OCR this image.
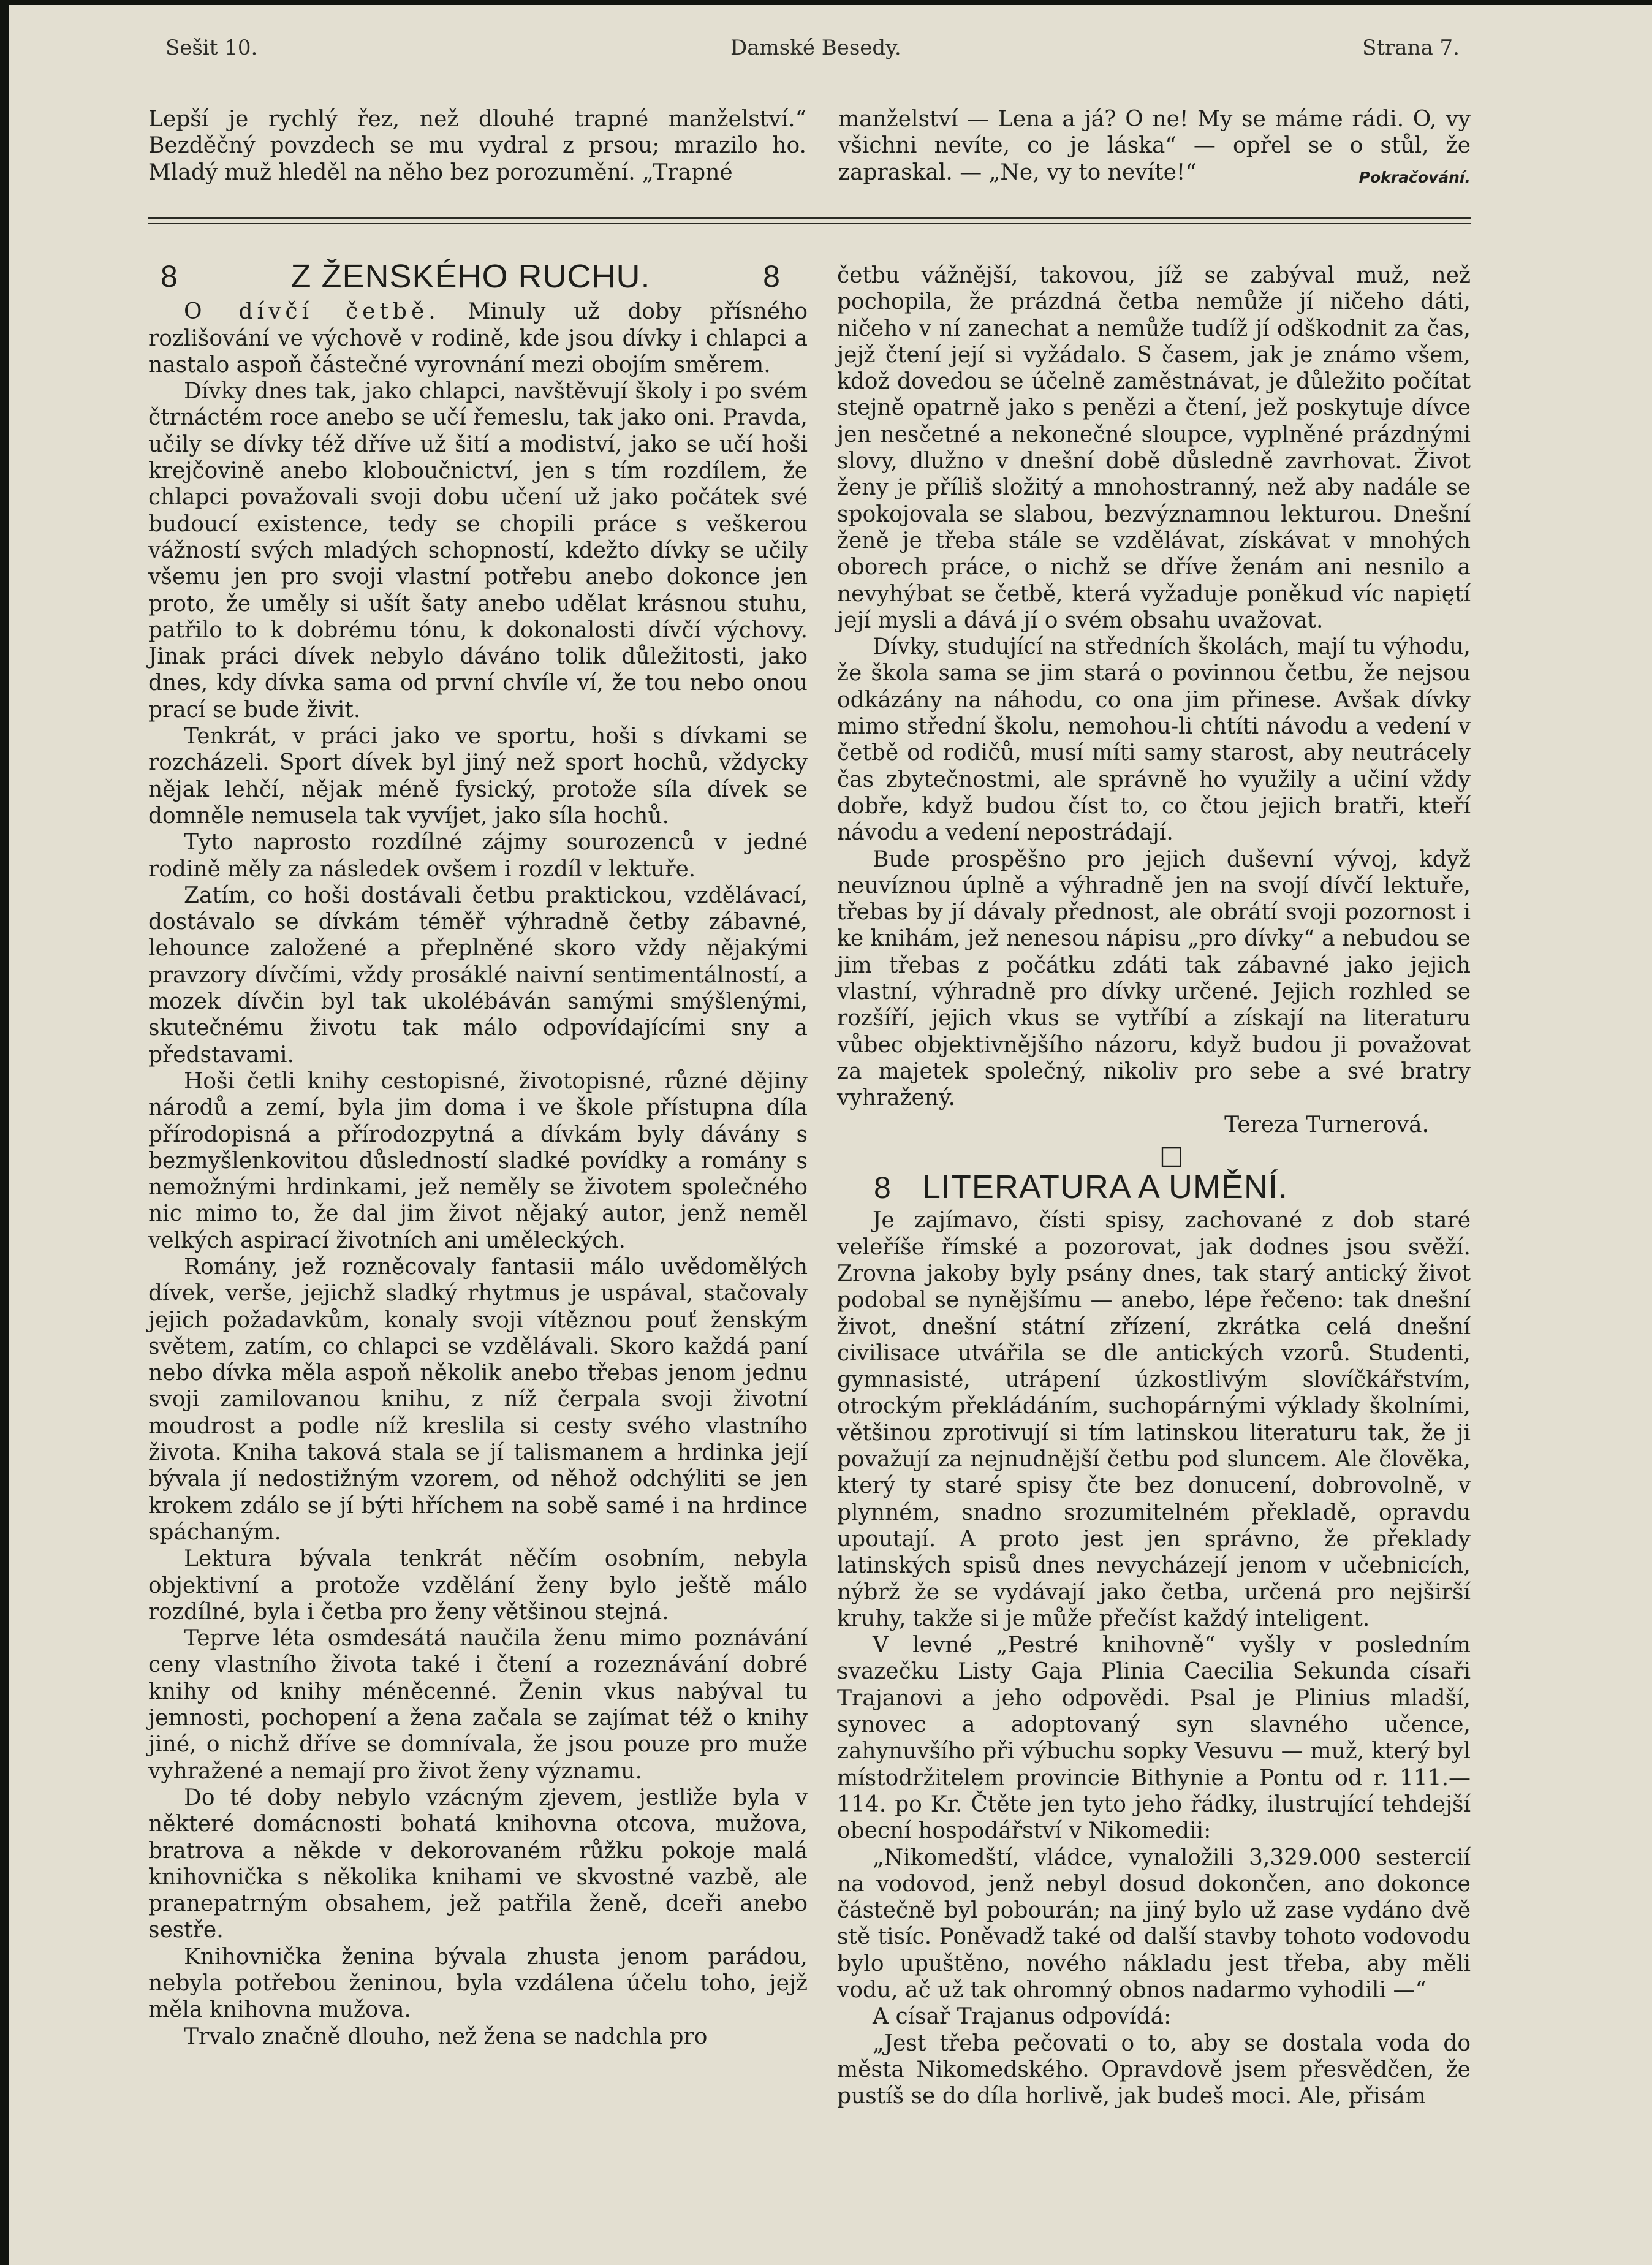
Sešit 10.	Damské Besedy.	Strana 7.

Lepší je rychlý řez, než dlouhé trapné manželství.“ Bezděčný povzdech se mu vydral z prsou; mrazilo ho. Mladý muž hleděl na něho bez porozumění. „Trapné

manželství — Lena a já? O ne! My se máme rádi. O, vy všichni nevíte, co je láska“ — opřel se o stůl, že zapraskal. — „Ne, vy to nevíte!“	Pokračování.

8	Z ŽENSKÉHO RUCHU.	8

O dívčí četbě. Minuly už doby přísného rozlišování ve výchově v rodině, kde jsou dívky i chlapci a nastalo aspoň částečné vyrovnání mezi obojím směrem.

Dívky dnes tak, jako chlapci, navštěvují školy i po svém čtrnáctém roce anebo se učí řemeslu, tak jako oni. Pravda, učily se dívky též dříve už šití a modiství, jako se učí hoši krejčovině anebo kloboučnictví, jen s tím rozdílem, že chlapci považovali svoji dobu učení už jako počátek své budoucí existence, tedy se chopili práce s veškerou vážností svých mladých schopností, kdežto dívky se učily všemu jen pro svoji vlastní potřebu anebo dokonce jen proto, že uměly si ušít šaty anebo udělat krásnou stuhu, patřilo to k dobrému tónu, k dokonalosti dívčí výchovy. Jinak práci dívek nebylo dáváno tolik důležitosti, jako dnes, kdy dívka sama od první chvíle ví, že tou nebo onou prací se bude živit.

Tenkrát, v práci jako ve sportu, hoši s dívkami se rozcházeli. Sport dívek byl jiný než sport hochů, vždycky nějak lehčí, nějak méně fysický, protože síla dívek se domněle nemusela tak vyvíjet, jako síla hochů.

Tyto naprosto rozdílné zájmy sourozenců v jedné rodině měly za následek ovšem i rozdíl v lektuře.

Zatím, co hoši dostávali četbu praktickou, vzdělávací, dostávalo se dívkám téměř výhradně četby zábavné, lehounce založené a přeplněné skoro vždy nějakými pravzory dívčími, vždy prosáklé naivní sentimentálností, a mozek dívčin byl tak ukolébáván samými smýšlenými, skutečnému životu tak málo odpovídajícími sny a představami.

Hoši četli knihy cestopisné, životopisné, různé dějiny národů a zemí, byla jim doma i ve škole přístupna díla přírodopisná a přírodozpytná a dívkám byly dávány s bezmyšlenkovitou důsledností sladké povídky a romány s nemožnými hrdinkami, jež neměly se životem společného nic mimo to, že dal jim život nějaký autor, jenž neměl velkých aspirací životních ani uměleckých.

Romány, jež rozněcovaly fantasii málo uvědomělých dívek, verše, jejichž sladký rhytmus je uspával, stačovaly jejich požadavkům, konaly svoji vítěznou pouť ženským světem, zatím, co chlapci se vzdělávali. Skoro každá paní nebo dívka měla aspoň několik anebo třebas jenom jednu svoji zamilovanou knihu, z níž čerpala svoji životní moudrost a podle níž kreslila si cesty svého vlastního života. Kniha taková stala se jí talismanem a hrdinka její bývala jí nedostižným vzorem, od něhož odchýliti se jen krokem zdálo se jí býti hříchem na sobě samé i na hrdince spáchaným.

Lektura bývala tenkrát něčím osobním, nebyla objektivní a protože vzdělání ženy bylo ještě málo rozdílné, byla i četba pro ženy většinou stejná.

Teprve léta osmdesátá naučila ženu mimo poznávání ceny vlastního života také i čtení a rozeznávání dobré knihy od knihy méněcenné. Ženin vkus nabýval tu jemnosti, pochopení a žena začala se zajímat též o knihy jiné, o nichž dříve se domnívala, že jsou pouze pro muže vyhražené a nemají pro život ženy významu.

Do té doby nebylo vzácným zjevem, jestliže byla v některé domácnosti bohatá knihovna otcova, mužova, bratrova a někde v dekorovaném růžku pokoje malá knihovnička s několika knihami ve skvostné vazbě, ale pranepatrným obsahem, jež patřila ženě, dceři anebo sestře.

Knihovnička ženina bývala zhusta jenom parádou, nebyla potřebou ženinou, byla vzdálena účelu toho, jejž měla knihovna mužova.

Trvalo značně dlouho, než žena se nadchla pro

četbu vážnější, takovou, jíž se zabýval muž, než pochopila, že prázdná četba nemůže jí ničeho dáti, ničeho v ní zanechat a nemůže tudíž jí odškodnit za čas, jejž čtení její si vyžádalo. S časem, jak je známo všem, kdož dovedou se účelně zaměstnávat, je důležito počítat stejně opatrně jako s penězi a čtení, jež poskytuje dívce jen nesčetné a nekonečné sloupce, vyplněné prázdnými slovy, dlužno v dnešní době důsledně zavrhovat. Život ženy je příliš složitý a mnohostranný, než aby nadále se spokojovala se slabou, bezvýznamnou lekturou. Dnešní ženě je třeba stále se vzdělávat, získávat v mnohých oborech práce, o nichž se dříve ženám ani nesnilo a nevyhýbat se četbě, která vyžaduje poněkud víc napiętí její mysli a dává jí o svém obsahu uvažovat.

Dívky, studující na středních školách, mají tu výhodu, že škola sama se jim stará o povinnou četbu, že nejsou odkázány na náhodu, co ona jim přinese. Avšak dívky mimo střední školu, nemohou-li chtíti návodu a vedení v četbě od rodičů, musí míti samy starost, aby neutrácely čas zbytečnostmi, ale správně ho využily a učiní vždy dobře, když budou číst to, co čtou jejich bratři, kteří návodu a vedení nepostrádají.

Bude prospěšno pro jejich duševní vývoj, když neuvíznou úplně a výhradně jen na svojí dívčí lektuře, třebas by jí dávaly přednost, ale obrátí svoji pozornost i ke knihám, jež nenesou nápisu „pro dívky“ a nebudou se jim třebas z počátku zdáti tak zábavné jako jejich vlastní, výhradně pro dívky určené. Jejich rozhled se rozšíří, jejich vkus se vytříbí a získají na literaturu vůbec objektivnějšího názoru, když budou ji považovat za majetek společný, nikoliv pro sebe a své bratry vyhražený.

Tereza Turnerová.

□

8 LITERATURA A UMĚNÍ.

Je zajímavo, čísti spisy, zachované z dob staré veleříše římské a pozorovat, jak dodnes jsou svěží. Zrovna jakoby byly psány dnes, tak starý antický život podobal se nynějšímu — anebo, lépe řečeno: tak dnešní život, dnešní státní zřízení, zkrátka celá dnešní civilisace utvářila se dle antických vzorů. Studenti, gymnasisté, utrápení úzkostlivým slovíčkářstvím, otrockým překládáním, suchopárnými výklady školními, většinou zprotivují si tím latinskou literaturu tak, že ji považují za nejnudnější četbu pod sluncem. Ale člověka, který ty staré spisy čte bez donucení, dobrovolně, v plynném, snadno srozumitelném překladě, opravdu upoutají. A proto jest jen správno, že překlady latinských spisů dnes nevycházejí jenom v učebnicích, nýbrž že se vydávají jako četba, určená pro nejširší kruhy, takže si je může přečíst každý inteligent.

V levné „Pestré knihovně“ vyšly v posledním svazečku Listy Gaja Plinia Caecilia Sekunda císaři Trajanovi a jeho odpovědi. Psal je Plinius mladší, synovec a adoptovaný syn slavného učence, zahynuvšího při výbuchu sopky Vesuvu — muž, který byl místodržitelem provincie Bithynie a Pontu od r. 111.—114. po Kr. Čtěte jen tyto jeho řádky, ilustrující tehdejší obecní hospodářství v Nikomedii:

„Nikomedští, vládce, vynaložili 3,329.000 sestercií na vodovod, jenž nebyl dosud dokončen, ano dokonce částečně byl pobourán; na jiný bylo už zase vydáno dvě stě tisíc. Poněvadž také od další stavby tohoto vodovodu bylo upuštěno, nového nákladu jest třeba, aby měli vodu, ač už tak ohromný obnos nadarmo vyhodili —“

A císař Trajanus odpovídá:

„Jest třeba pečovati o to, aby se dostala voda do města Nikomedského. Opravdově jsem přesvědčen, že pustíš se do díla horlivě, jak budeš moci. Ale, přisám
